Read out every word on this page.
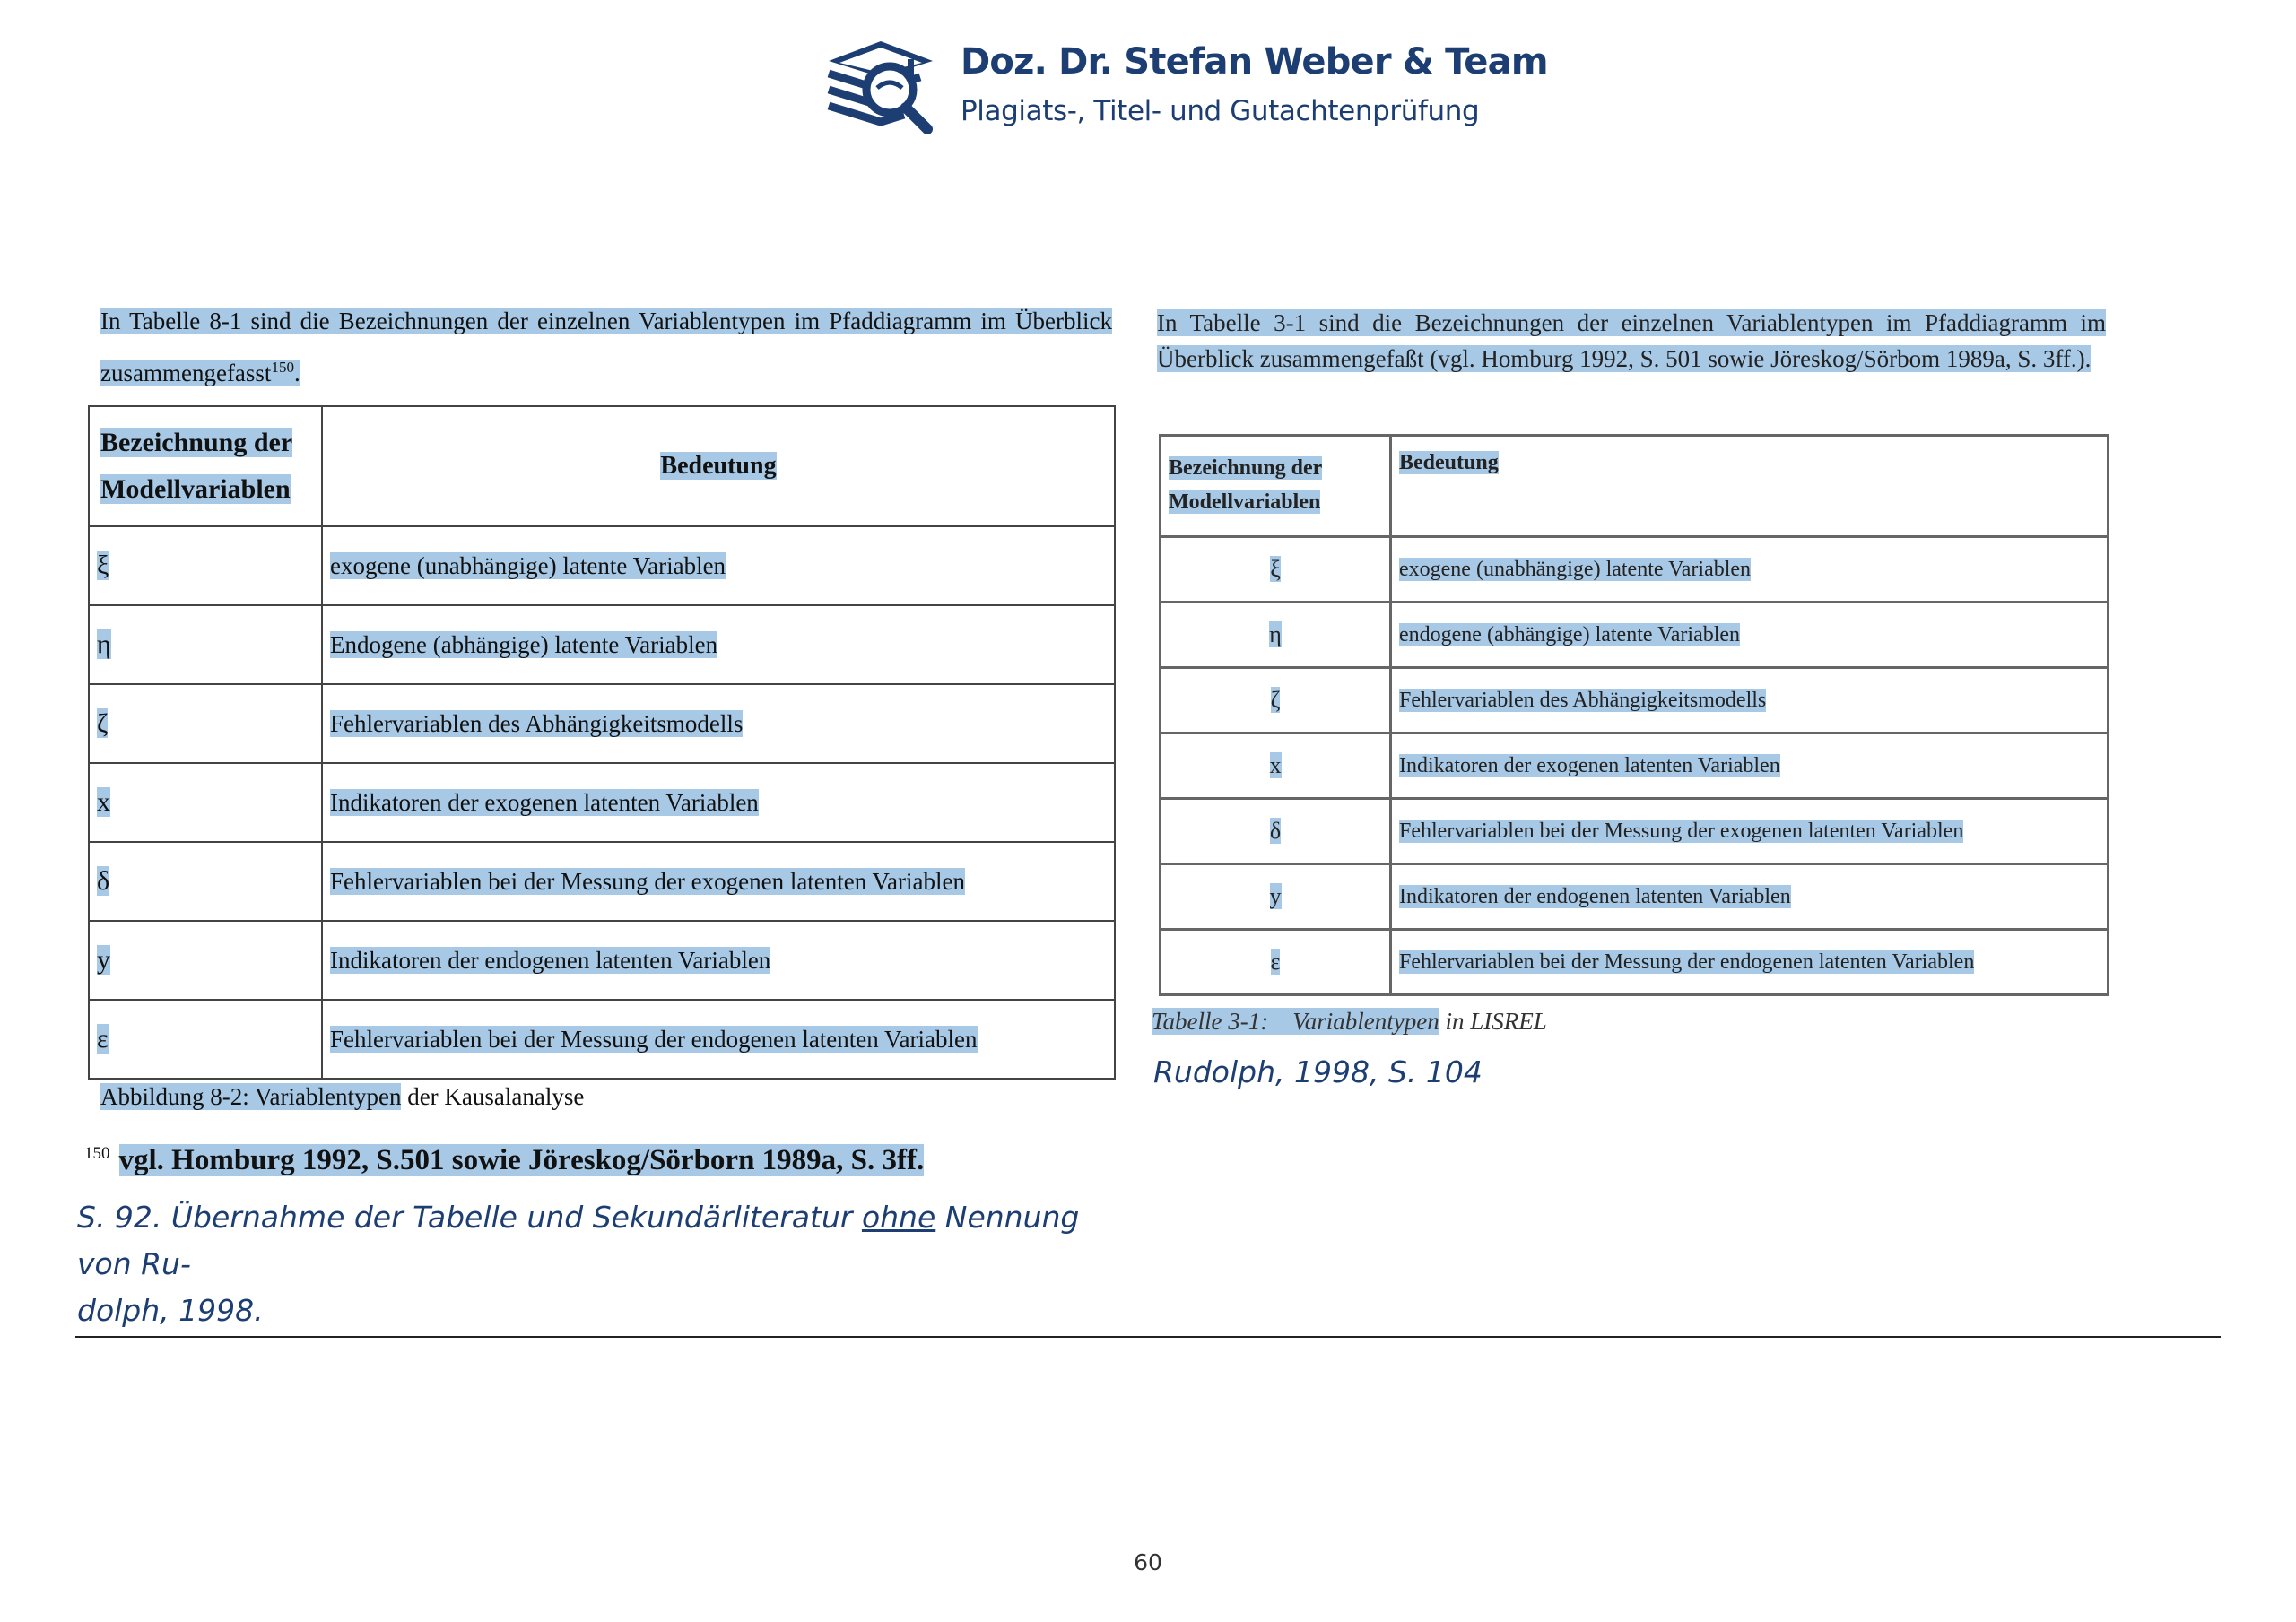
Doz. Dr. Stefan Weber & Team
Plagiats-, Titel- und Gutachtenprüfung
In Tabelle 8-1 sind die Bezeichnungen der einzelnen Variablentypen im Pfaddiagramm im Überblick zusammengefasst$^{150}$.
Bezeichnung der
Modellvariablen	Bedeutung
ξ	exogene (unabhängige) latente Variablen
η	Endogene (abhängige) latente Variablen
ζ	Fehlervariablen des Abhängigkeitsmodells
x	Indikatoren der exogenen latenten Variablen
δ	Fehlervariablen bei der Messung der exogenen latenten Variablen
y	Indikatoren der endogenen latenten Variablen
ε	Fehlervariablen bei der Messung der endogenen latenten Variablen
Abbildung 8-2: Variablentypen der Kausalanalyse
150 vgl. Homburg 1992, S.501 sowie Jöreskog/Sörborn 1989a, S. 3ff.
S. 92. Übernahme der Tabelle und Sekundärliteratur ohne Nennung von Ru-
dolph, 1998.
In Tabelle 3-1 sind die Bezeichnungen der einzelnen Variablentypen im Pfaddiagramm im Überblick zusammengefaßt (vgl. Homburg 1992, S. 501 sowie Jöreskog/Sörbom 1989a, S. 3ff.).
Bezeichnung der
Modellvariablen	Bedeutung
ξ	exogene (unabhängige) latente Variablen
η	endogene (abhängige) latente Variablen
ζ	Fehlervariablen des Abhängigkeitsmodells
x	Indikatoren der exogenen latenten Variablen
δ	Fehlervariablen bei der Messung der exogenen latenten Variablen
y	Indikatoren der endogenen latenten Variablen
ε	Fehlervariablen bei der Messung der endogenen latenten Variablen
Tabelle 3-1:    Variablentypen in LISREL
Rudolph, 1998, S. 104
60
